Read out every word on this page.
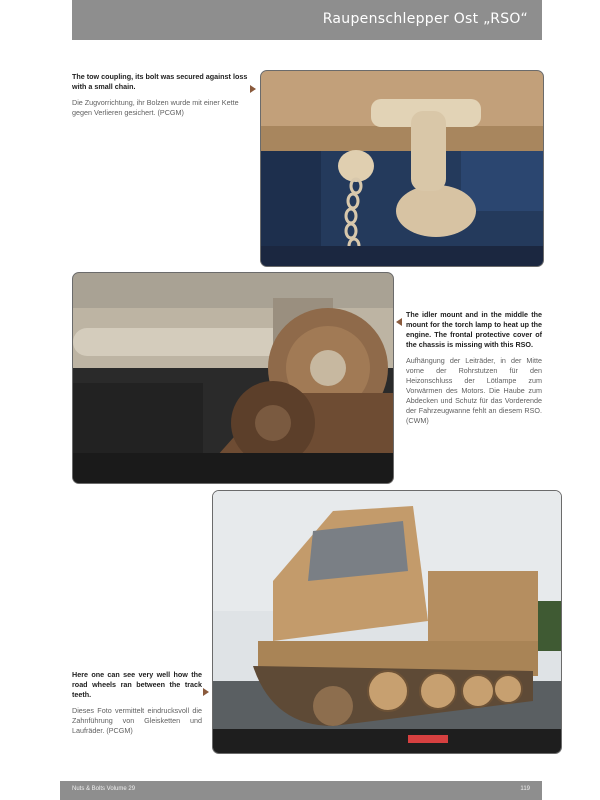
Raupenschlepper Ost „RSO“

The tow coupling, its bolt was secured against loss with a small chain.

Die Zugvorrichtung, ihr Bolzen wurde mit einer Kette gegen Verlieren gesichert. (PCGM)

The idler mount and in the middle the mount for the torch lamp to heat up the engine. The frontal protective cover of the chassis is missing with this RSO.

Aufhängung der Leiträder, in der Mitte vorne der Rohrstutzen für den Heizonschluss der Lötlampe zum Vorwärmen des Motors. Die Haube zum Abdecken und Schutz für das Vorderende der Fahrzeugwanne fehlt an diesem RSO. (CWM)

Here one can see very well how the road wheels ran between the track teeth.

Dieses Foto vermittelt eindrucksvoll die Zahnführung von Gleisketten und Laufräder. (PCGM)

Nuts & Bolts Volume 29	119
